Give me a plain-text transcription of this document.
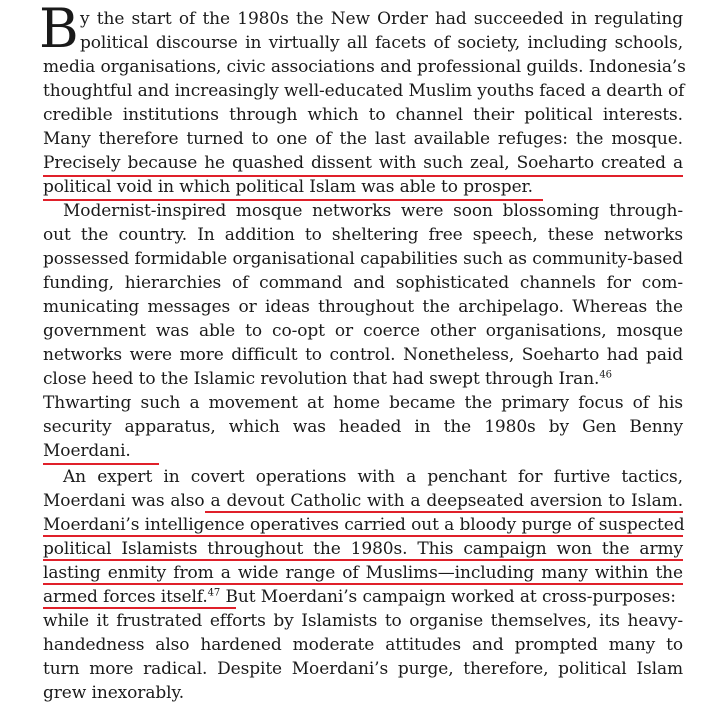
B y the start of the 1980s the New Order had succeeded in regulating
political discourse in virtually all facets of society, including schools,
media organisations, civic associations and professional guilds. Indonesia’s
thoughtful and increasingly well-educated Muslim youths faced a dearth of
credible institutions through which to channel their political interests.
Many therefore turned to one of the last available refuges: the mosque.
Precisely because he quashed dissent with such zeal, Soeharto created a
political void in which political Islam was able to prosper.
Modernist-inspired mosque networks were soon blossoming through-
out the country. In addition to sheltering free speech, these networks
possessed formidable organisational capabilities such as community-based
funding, hierarchies of command and sophisticated channels for com-
municating messages or ideas throughout the archipelago. Whereas the
government was able to co-opt or coerce other organisations, mosque
networks were more difficult to control. Nonetheless, Soeharto had paid
close heed to the Islamic revolution that had swept through Iran.$^{46}$
Thwarting such a movement at home became the primary focus of his
security apparatus, which was headed in the 1980s by Gen Benny
Moerdani.
An expert in covert operations with a penchant for furtive tactics,
Moerdani was also a devout Catholic with a deepseated aversion to Islam.
Moerdani’s intelligence operatives carried out a bloody purge of suspected
political Islamists throughout the 1980s. This campaign won the army
lasting enmity from a wide range of Muslims—including many within the
armed forces itself.$^{47}$ But Moerdani’s campaign worked at cross-purposes:
while it frustrated efforts by Islamists to organise themselves, its heavy-
handedness also hardened moderate attitudes and prompted many to
turn more radical. Despite Moerdani’s purge, therefore, political Islam
grew inexorably.
